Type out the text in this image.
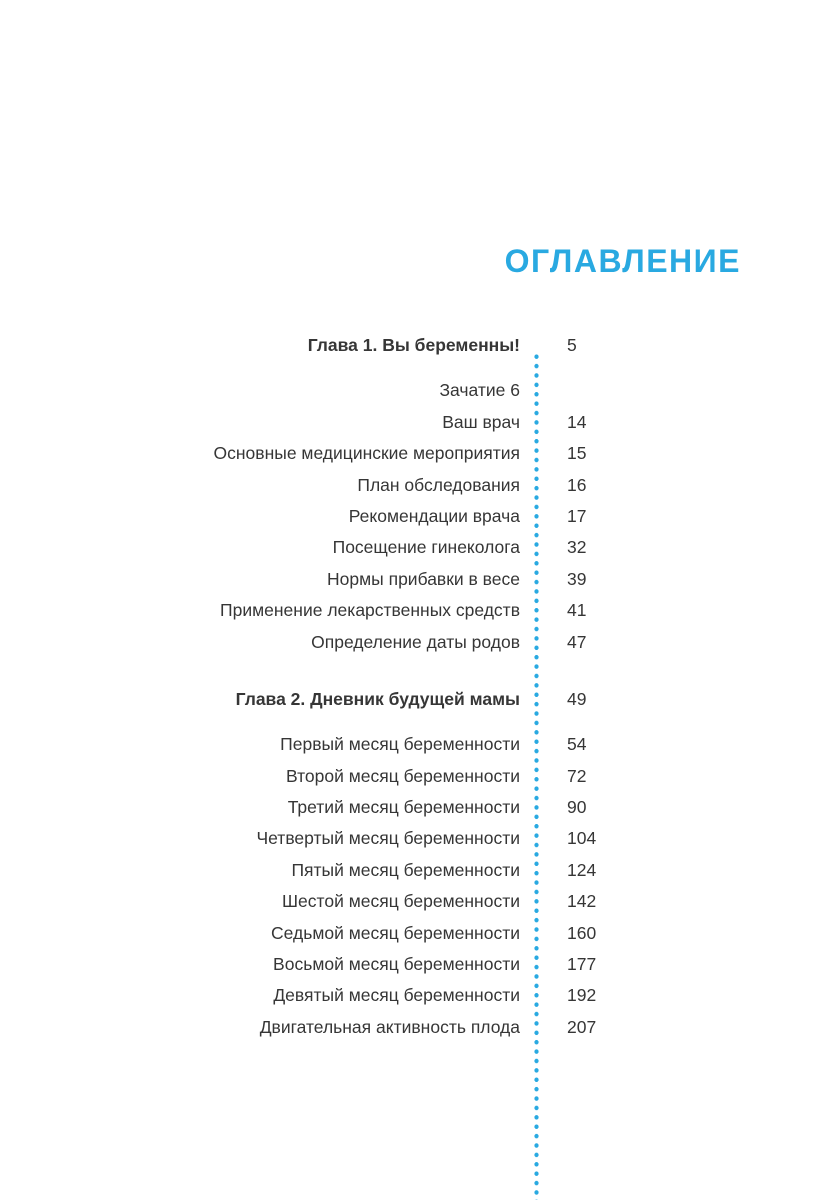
ОГЛАВЛЕНИЕ
Глава 1. Вы беременны!	5
Зачатие 6
Ваш врач	14
Основные медицинские мероприятия	15
План обследования	16
Рекомендации врача	17
Посещение гинеколога	32
Нормы прибавки в весе	39
Применение лекарственных средств	41
Определение даты родов	47
Глава 2. Дневник будущей мамы	49
Первый месяц беременности	54
Второй месяц беременности	72
Третий месяц беременности	90
Четвертый месяц беременности	104
Пятый месяц беременности	124
Шестой месяц беременности	142
Седьмой месяц беременности	160
Восьмой месяц беременности	177
Девятый месяц беременности	192
Двигательная активность плода	207
